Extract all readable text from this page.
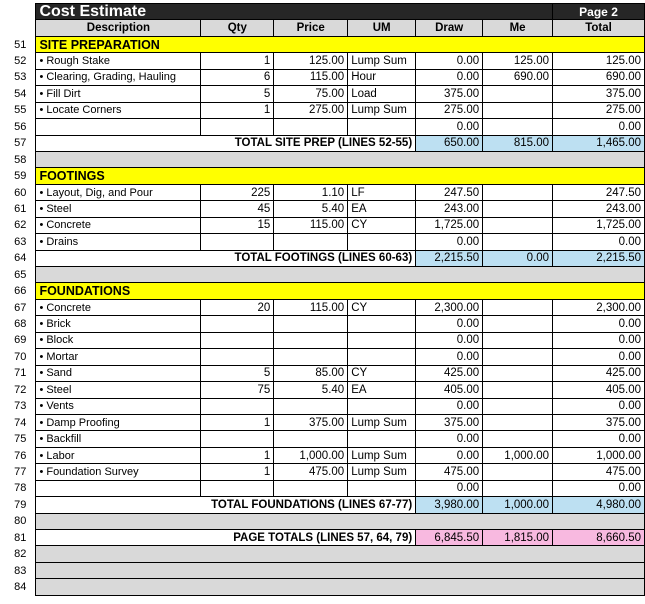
	Cost Estimate						Page 2
	Description	Qty	Price	UM	Draw	Me	Total
51	SITE PREPARATION						
52	• Rough Stake	1	125.00	Lump Sum	0.00	125.00	125.00
53	• Clearing, Grading, Hauling	6	115.00	Hour	0.00	690.00	690.00
54	• Fill Dirt	5	75.00	Load	375.00		375.00
55	• Locate Corners	1	275.00	Lump Sum	275.00		275.00
56					0.00		0.00
57	TOTAL SITE PREP (LINES 52-55)				650.00	815.00	1,465.00
58							
59	FOOTINGS						
60	• Layout, Dig, and Pour	225	1.10	LF	247.50		247.50
61	• Steel	45	5.40	EA	243.00		243.00
62	• Concrete	15	115.00	CY	1,725.00		1,725.00
63	• Drains				0.00		0.00
64	TOTAL FOOTINGS (LINES 60-63)				2,215.50	0.00	2,215.50
65							
66	FOUNDATIONS						
67	• Concrete	20	115.00	CY	2,300.00		2,300.00
68	• Brick				0.00		0.00
69	• Block				0.00		0.00
70	• Mortar				0.00		0.00
71	• Sand	5	85.00	CY	425.00		425.00
72	• Steel	75	5.40	EA	405.00		405.00
73	• Vents				0.00		0.00
74	• Damp Proofing	1	375.00	Lump Sum	375.00		375.00
75	• Backfill				0.00		0.00
76	• Labor	1	1,000.00	Lump Sum	0.00	1,000.00	1,000.00
77	• Foundation Survey	1	475.00	Lump Sum	475.00		475.00
78					0.00		0.00
79	TOTAL FOUNDATIONS (LINES 67-77)				3,980.00	1,000.00	4,980.00
80							
81	PAGE TOTALS (LINES 57, 64, 79)				6,845.50	1,815.00	8,660.50
82							
83							
84							
